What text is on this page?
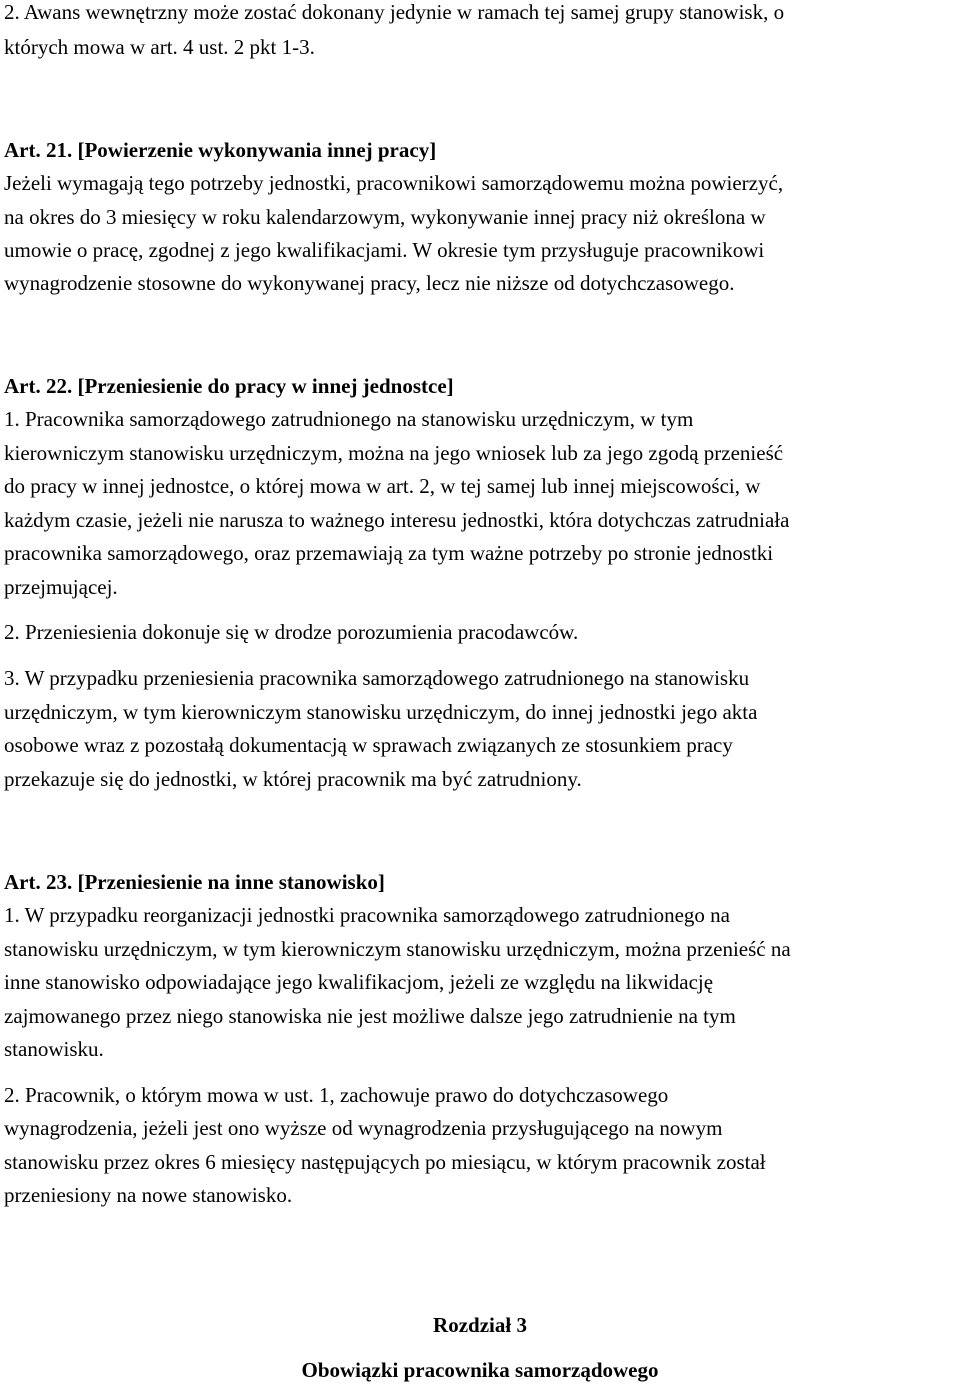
2. Awans wewnętrzny może zostać dokonany jedynie w ramach tej samej grupy stanowisk, o

których mowa w art. 4 ust. 2 pkt 1-3.

Art. 21. [Powierzenie wykonywania innej pracy]

Jeżeli wymagają tego potrzeby jednostki, pracownikowi samorządowemu można powierzyć,

na okres do 3 miesięcy w roku kalendarzowym, wykonywanie innej pracy niż określona w

umowie o pracę, zgodnej z jego kwalifikacjami. W okresie tym przysługuje pracownikowi

wynagrodzenie stosowne do wykonywanej pracy, lecz nie niższe od dotychczasowego.

Art. 22. [Przeniesienie do pracy w innej jednostce]

1. Pracownika samorządowego zatrudnionego na stanowisku urzędniczym, w tym

kierowniczym stanowisku urzędniczym, można na jego wniosek lub za jego zgodą przenieść

do pracy w innej jednostce, o której mowa w art. 2, w tej samej lub innej miejscowości, w

każdym czasie, jeżeli nie narusza to ważnego interesu jednostki, która dotychczas zatrudniała

pracownika samorządowego, oraz przemawiają za tym ważne potrzeby po stronie jednostki

przejmującej.

2. Przeniesienia dokonuje się w drodze porozumienia pracodawców.

3. W przypadku przeniesienia pracownika samorządowego zatrudnionego na stanowisku

urzędniczym, w tym kierowniczym stanowisku urzędniczym, do innej jednostki jego akta

osobowe wraz z pozostałą dokumentacją w sprawach związanych ze stosunkiem pracy

przekazuje się do jednostki, w której pracownik ma być zatrudniony.

Art. 23. [Przeniesienie na inne stanowisko]

1. W przypadku reorganizacji jednostki pracownika samorządowego zatrudnionego na

stanowisku urzędniczym, w tym kierowniczym stanowisku urzędniczym, można przenieść na

inne stanowisko odpowiadające jego kwalifikacjom, jeżeli ze względu na likwidację

zajmowanego przez niego stanowiska nie jest możliwe dalsze jego zatrudnienie na tym

stanowisku.

2. Pracownik, o którym mowa w ust. 1, zachowuje prawo do dotychczasowego

wynagrodzenia, jeżeli jest ono wyższe od wynagrodzenia przysługującego na nowym

stanowisku przez okres 6 miesięcy następujących po miesiącu, w którym pracownik został

przeniesiony na nowe stanowisko.

Rozdział 3

Obowiązki pracownika samorządowego
